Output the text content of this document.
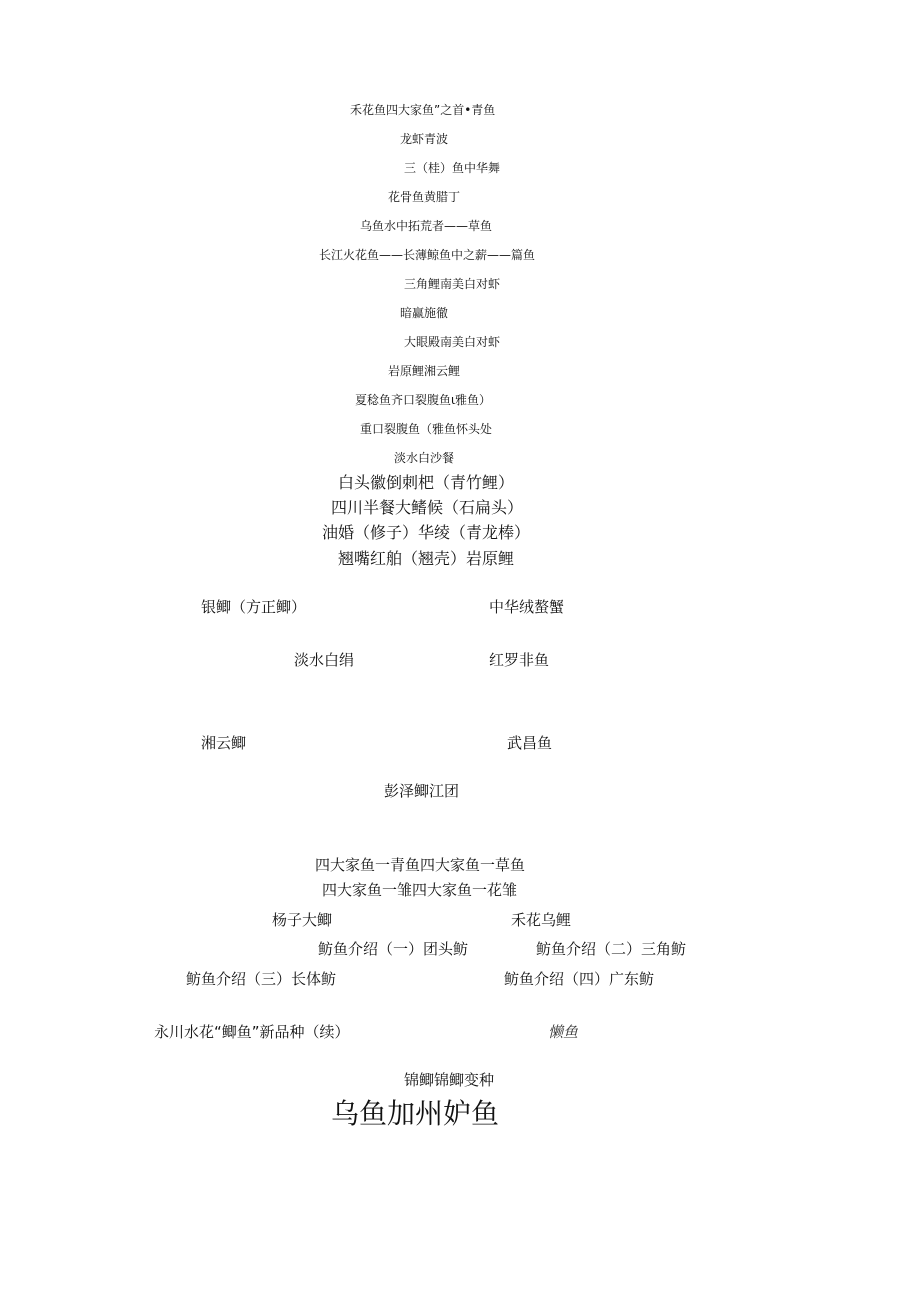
禾花鱼四大家鱼”之首•青鱼
龙虾青波
三（桂）鱼中华舞
花骨鱼黄腊丁
乌鱼水中拓荒者——草鱼
长江火花鱼——长薄鲸鱼中之薪——篇鱼
三角鲤南美白对虾
暗赢施徹
大眼殿南美白对虾
岩原鲤湘云鲤
夏稔鱼齐口裂腹鱼ι雅鱼）
重口裂腹鱼（雅鱼怀头处
淡水白沙餐
白头徽倒刺杷（青竹鲤）
四川半餐大鳍候（石扁头）
油婚（修子）华绫（青龙棒）
翘嘴红舶（翘壳）岩原鲤
银鲫（方正鲫）	中华绒螯蟹
淡水白绢	红罗非鱼
湘云鲫	武昌鱼
彭泽鲫江团
四大家鱼一青鱼四大家鱼一草鱼
四大家鱼一雏四大家鱼一花雏
杨子大鲫	禾花乌鲤
鲂鱼介绍（一）团头鲂	鲂鱼介绍（二）三角鲂
鲂鱼介绍（三）长体鲂	鲂鱼介绍（四）广东鲂
永川水花“鲫鱼”新品种（续）	懒鱼
锦鲫锦鲫变种
乌鱼加州妒鱼
